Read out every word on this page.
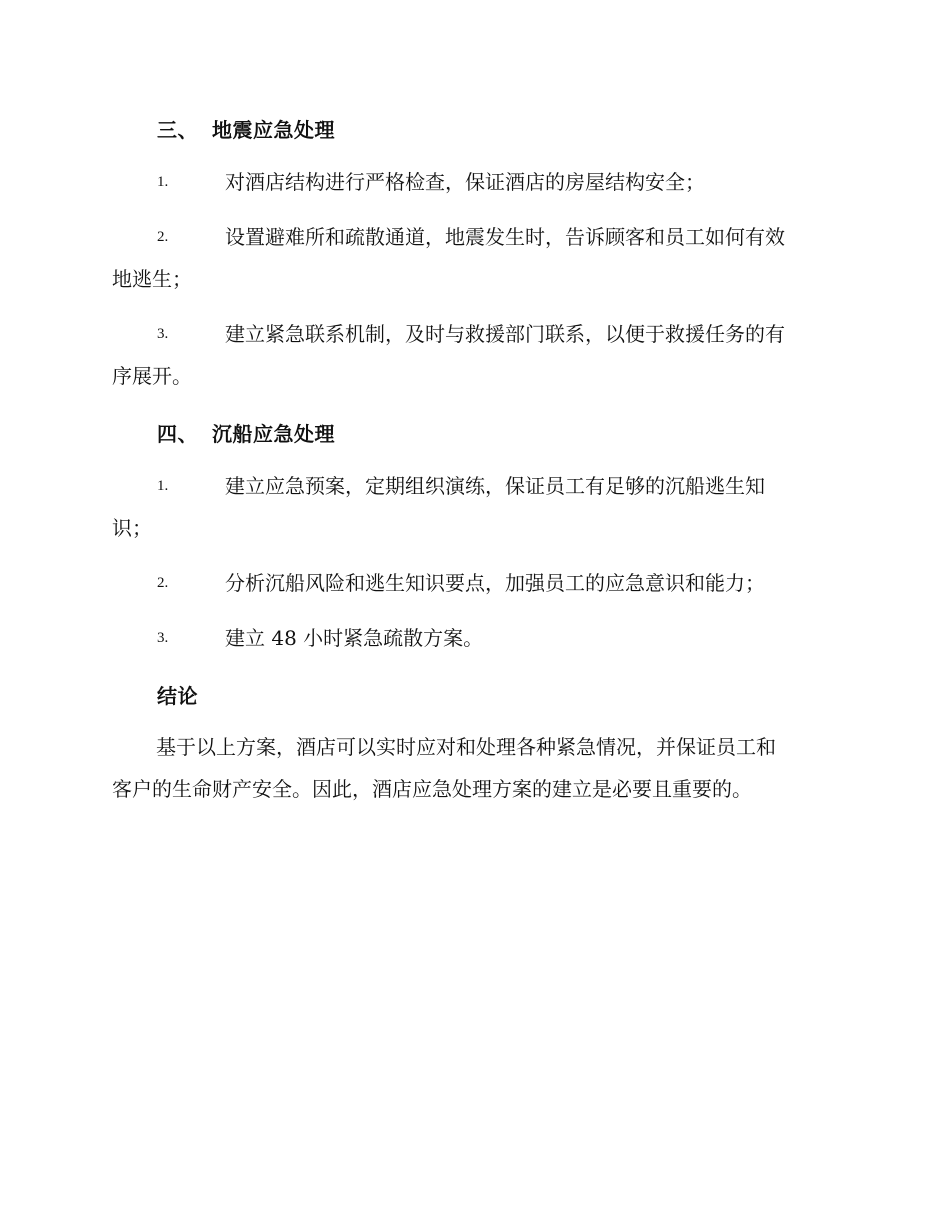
三、 地震应急处理
1.	对酒店结构进行严格检查，保证酒店的房屋结构安全；
2.	设置避难所和疏散通道，地震发生时，告诉顾客和员工如何有效
地逃生；
3.	建立紧急联系机制，及时与救援部门联系，以便于救援任务的有
序展开。
四、 沉船应急处理
1.	建立应急预案，定期组织演练，保证员工有足够的沉船逃生知
识；
2.	分析沉船风险和逃生知识要点，加强员工的应急意识和能力；
3.	建立 48 小时紧急疏散方案。
结论
基于以上方案，酒店可以实时应对和处理各种紧急情况，并保证员工和
客户的生命财产安全。因此，酒店应急处理方案的建立是必要且重要的。
